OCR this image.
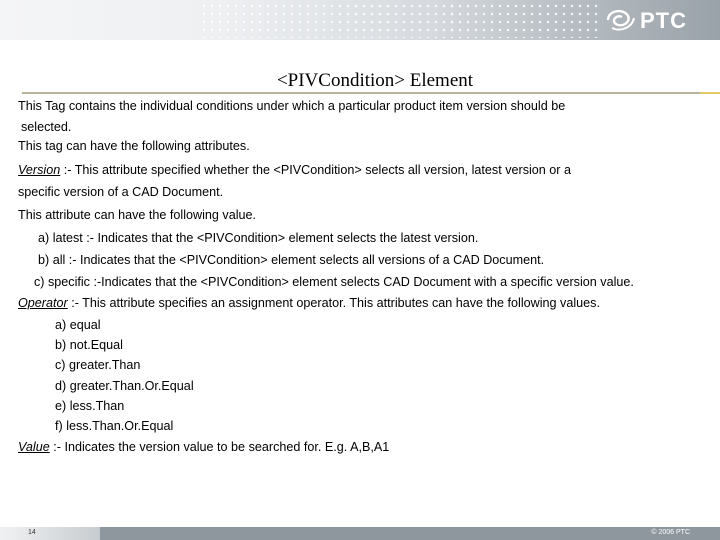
PTC
<PIVCondition> Element
This Tag contains the individual conditions under which a particular product item version should be
selected.
This tag can have the following attributes.
Version :- This attribute specified whether the <PIVCondition> selects all version, latest version or a
specific version of a CAD Document.
This attribute can have the following value.
a) latest :- Indicates that the <PIVCondition> element selects the latest version.
b) all :- Indicates that the <PIVCondition> element selects all versions of a CAD Document.
c) specific :-Indicates that the <PIVCondition> element selects CAD Document with a specific version value.
Operator :- This attribute specifies an assignment operator. This attributes can have the following values.
a) equal
b) not.Equal
c) greater.Than
d) greater.Than.Or.Equal
e) less.Than
f) less.Than.Or.Equal
Value :- Indicates the version value to be searched for. E.g. A,B,A1
14	© 2006 PTC
